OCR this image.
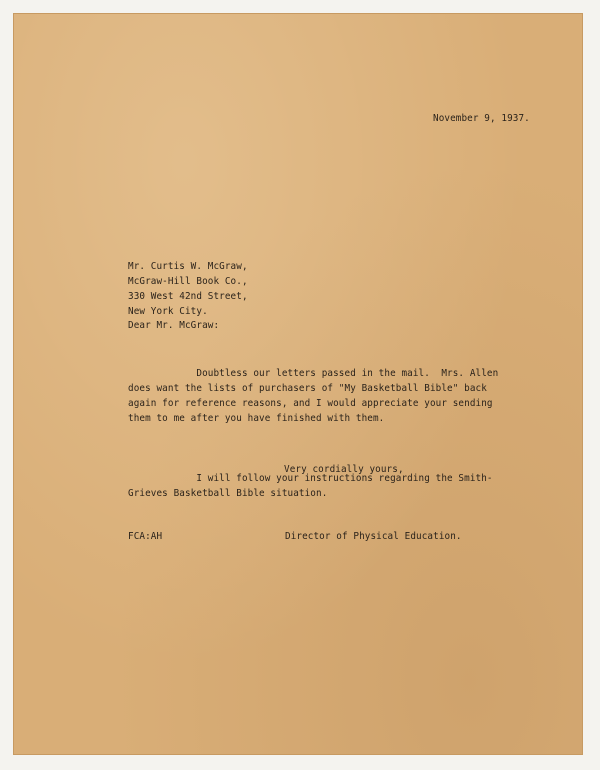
November 9, 1937.
Mr. Curtis W. McGraw,
McGraw-Hill Book Co.,
330 West 42nd Street,
New York City.
Dear Mr. McGraw:

Doubtless our letters passed in the mail.  Mrs. Allen
does want the lists of purchasers of "My Basketball Bible" back
again for reference reasons, and I would appreciate your sending
them to me after you have finished with them.

I will follow your instructions regarding the Smith-
Grieves Basketball Bible situation.

Very cordially yours,
FCA:AH	Director of Physical Education.
